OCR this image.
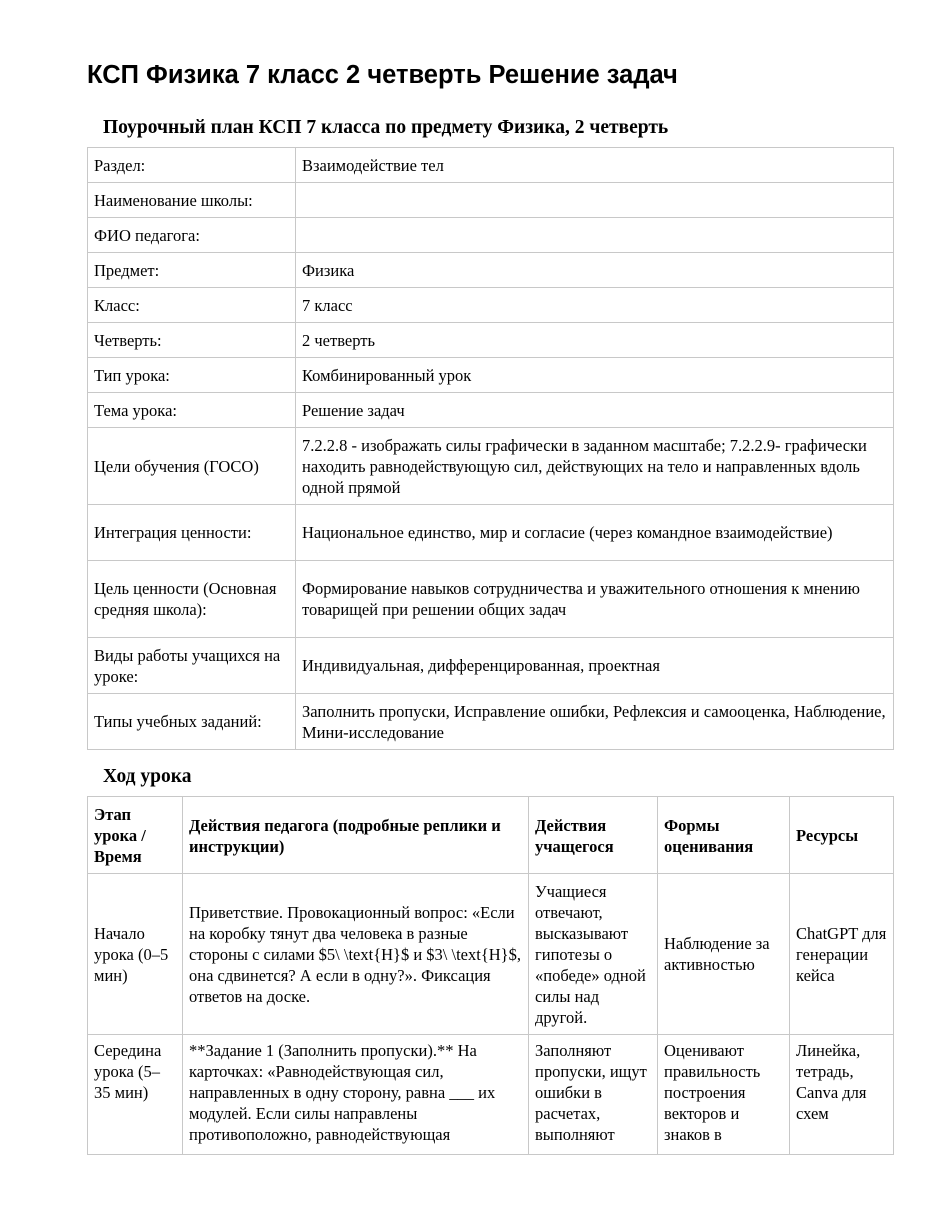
КСП Физика 7 класс 2 четверть Решение задач
Поурочный план КСП 7 класса по предмету Физика, 2 четверть
Раздел:	Взаимодействие тел
Наименование школы:	
ФИО педагога:	
Предмет:	Физика
Класс:	7 класс
Четверть:	2 четверть
Тип урока:	Комбинированный урок
Тема урока:	Решение задач
Цели обучения (ГОСО)	7.2.2.8 - изображать силы графически в заданном масштабе; 7.2.2.9- графически находить равнодействующую сил, действующих на тело и направленных вдоль одной прямой
Интеграция ценности:	Национальное единство, мир и согласие (через командное взаимодействие)
Цель ценности (Основная средняя школа):	Формирование навыков сотрудничества и уважительного отношения к мнению товарищей при решении общих задач
Виды работы учащихся на уроке:	Индивидуальная, дифференцированная, проектная
Типы учебных заданий:	Заполнить пропуски, Исправление ошибки, Рефлексия и самооценка, Наблюдение, Мини-исследование
Ход урока
Этап урока / Время	Действия педагога (подробные реплики и инструкции)	Действия учащегося	Формы оценивания	Ресурсы
Начало урока (0–5 мин)	Приветствие. Провокационный вопрос: «Если на коробку тянут два человека в разные стороны с силами $5\ \text{H}$ и $3\ \text{H}$, она сдвинется? А если в одну?». Фиксация ответов на доске.	Учащиеся отвечают, высказывают гипотезы о «победе» одной силы над другой.	Наблюдение за активностью	ChatGPT для генерации кейса

Середина урока (5–35 мин)	**Задание 1 (Заполнить пропуски).** На карточках: «Равнодействующая сил, направленных в одну сторону, равна ___ их модулей. Если силы направлены противоположно, равнодействующая	Заполняют пропуски, ищут ошибки в расчетах, выполняют	Оценивают правильность построения векторов и знаков в	Линейка, тетрадь, Canva для схем
